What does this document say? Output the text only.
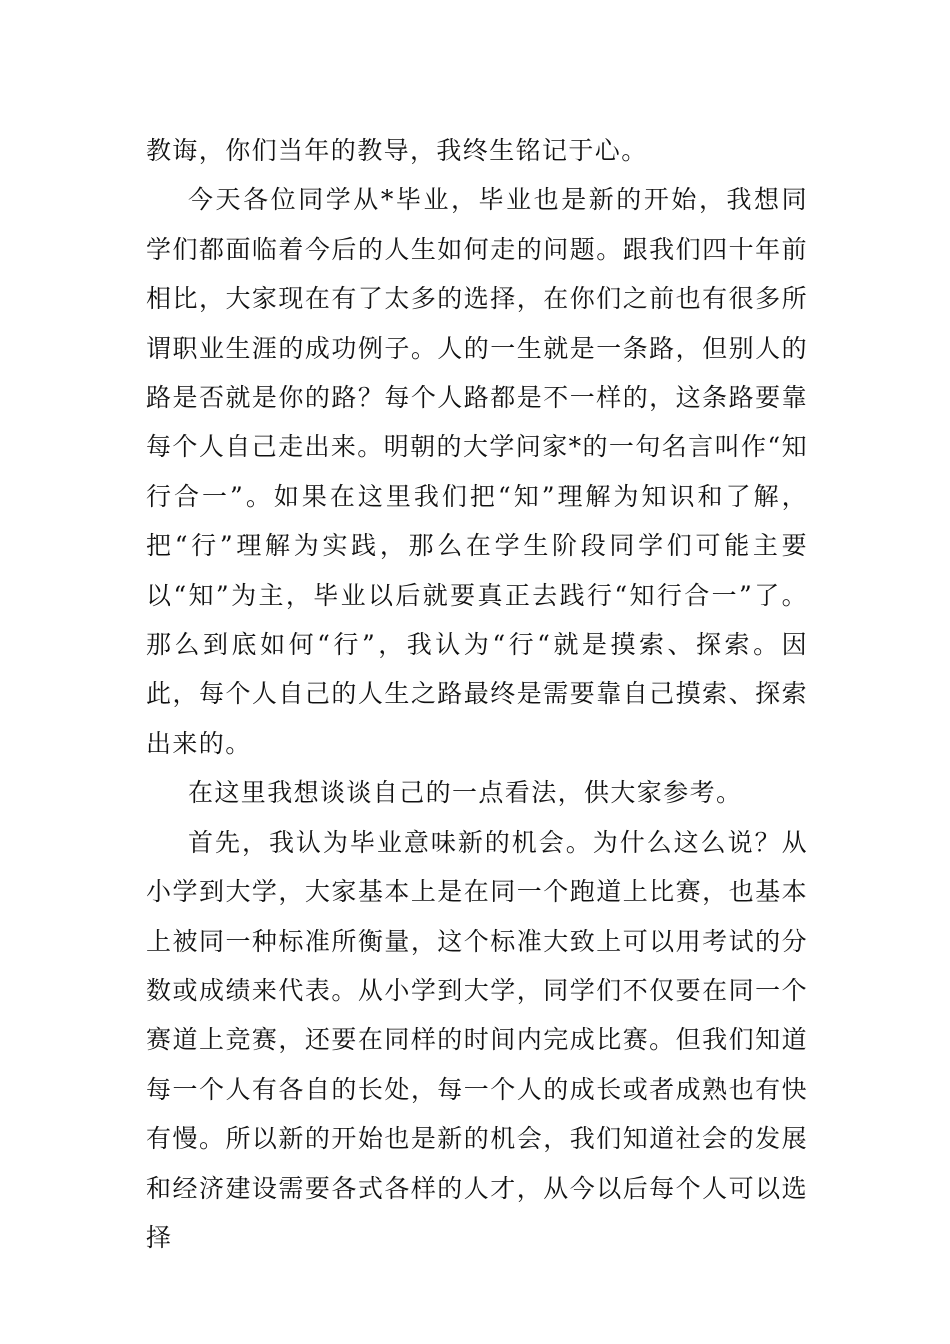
教诲，你们当年的教导，我终生铭记于心。

今天各位同学从*毕业，毕业也是新的开始，我想同学们都面临着今后的人生如何走的问题。跟我们四十年前相比，大家现在有了太多的选择，在你们之前也有很多所谓职业生涯的成功例子。人的一生就是一条路，但别人的路是否就是你的路？每个人路都是不一样的，这条路要靠每个人自己走出来。明朝的大学问家*的一句名言叫作“知行合一”。如果在这里我们把“知”理解为知识和了解，把“行”理解为实践，那么在学生阶段同学们可能主要以“知”为主，毕业以后就要真正去践行“知行合一”了。那么到底如何“行”，我认为“行“就是摸索、探索。因此，每个人自己的人生之路最终是需要靠自己摸索、探索出来的。

在这里我想谈谈自己的一点看法，供大家参考。

首先，我认为毕业意味新的机会。为什么这么说？从小学到大学，大家基本上是在同一个跑道上比赛，也基本上被同一种标准所衡量，这个标准大致上可以用考试的分数或成绩来代表。从小学到大学，同学们不仅要在同一个赛道上竞赛，还要在同样的时间内完成比赛。但我们知道每一个人有各自的长处，每一个人的成长或者成熟也有快有慢。所以新的开始也是新的机会，我们知道社会的发展和经济建设需要各式各样的人才，从今以后每个人可以选择
